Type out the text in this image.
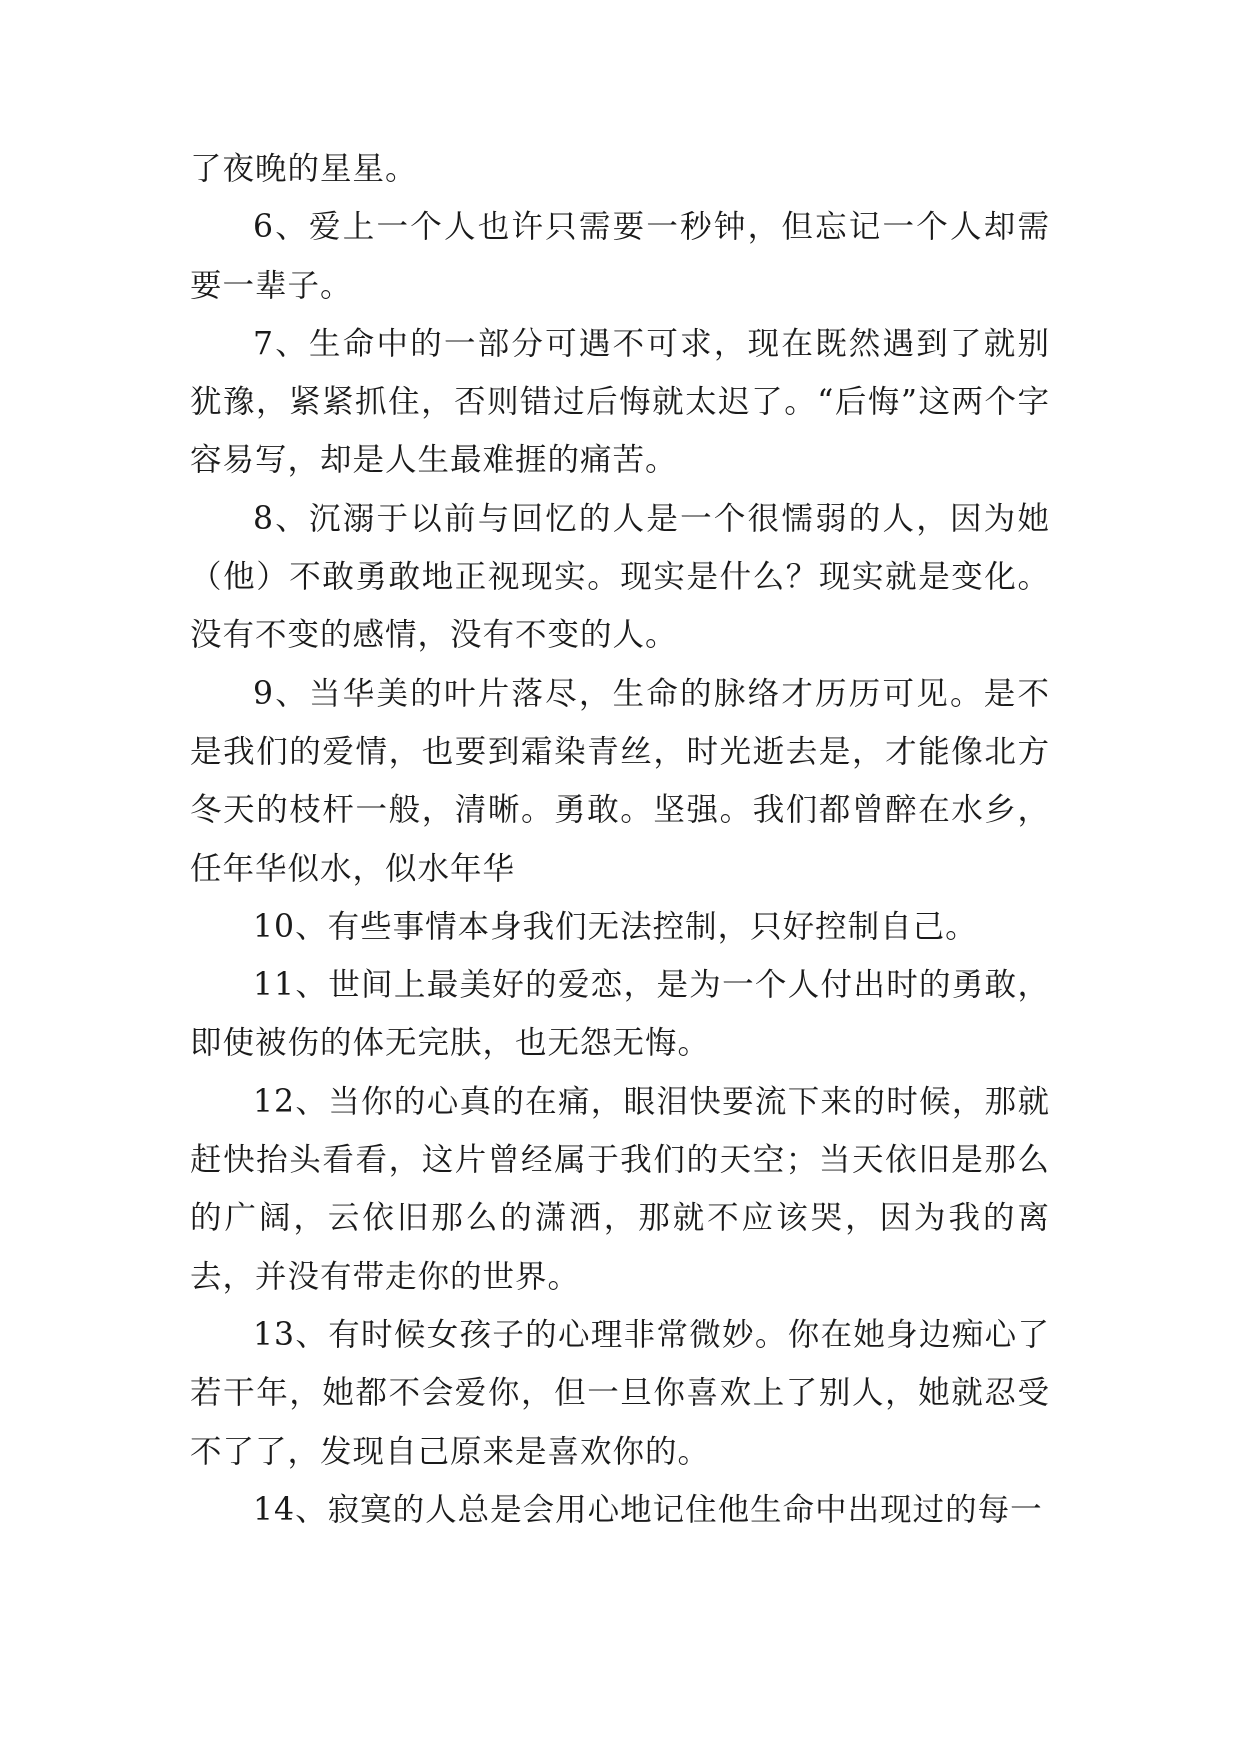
了夜晚的星星。

6、爱上一个人也许只需要一秒钟，但忘记一个人却需要一辈子。

7、生命中的一部分可遇不可求，现在既然遇到了就别犹豫，紧紧抓住，否则错过后悔就太迟了。“后悔”这两个字容易写，却是人生最难捱的痛苦。

8、沉溺于以前与回忆的人是一个很懦弱的人，因为她（他）不敢勇敢地正视现实。现实是什么？现实就是变化。没有不变的感情，没有不变的人。

9、当华美的叶片落尽，生命的脉络才历历可见。是不是我们的爱情，也要到霜染青丝，时光逝去是，才能像北方冬天的枝杆一般，清晰。勇敢。坚强。我们都曾醉在水乡，任年华似水，似水年华

10、有些事情本身我们无法控制，只好控制自己。

11、世间上最美好的爱恋，是为一个人付出时的勇敢，即使被伤的体无完肤，也无怨无悔。

12、当你的心真的在痛，眼泪快要流下来的时候，那就赶快抬头看看，这片曾经属于我们的天空；当天依旧是那么的广阔，云依旧那么的潇洒，那就不应该哭，因为我的离去，并没有带走你的世界。

13、有时候女孩子的心理非常微妙。你在她身边痴心了若干年，她都不会爱你，但一旦你喜欢上了别人，她就忍受不了了，发现自己原来是喜欢你的。

14、寂寞的人总是会用心地记住他生命中出现过的每一
